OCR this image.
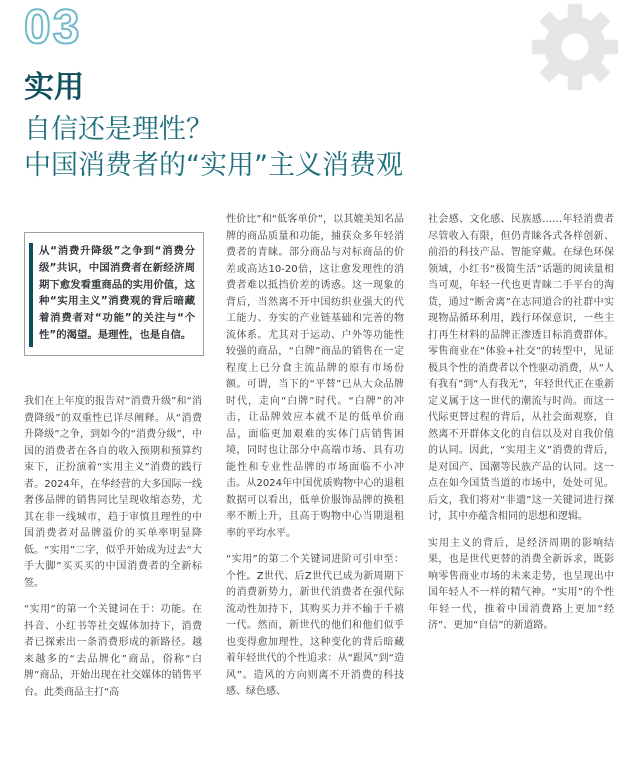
03
实用
自信还是理性？
中国消费者的“实用”主义消费观
从“消费升降级”之争到“消费分级”共识，中国消费者在新经济周期下愈发看重商品的实用价值，这种“实用主义”消费观的背后暗藏着消费者对“功能”的关注与“个性”的渴望。是理性，也是自信。

我们在上年度的报告对“消费升级”和“消费降级”的双重性已详尽阐释。从“消费升降级”之争，到如今的“消费分级”，中国的消费者在各自的收入预期和预算约束下，正扮演着“实用主义”消费的践行者。2024年，在华经营的大多国际一线奢侈品牌的销售同比呈现收缩态势，尤其在非一线城市，趋于审慎且理性的中国消费者对品牌溢价的买单率明显降低。“实用”二字，似乎开始成为过去“大手大脚”买买买的中国消费者的全新标签。

“实用”的第一个关键词在于：功能。在抖音、小红书等社交媒体加持下，消费者已探索出一条消费形成的新路径。越来越多的“去品牌化”商品，俗称“白牌”商品，开始出现在社交媒体的销售平台。此类商品主打“高

性价比”和“低客单价”，以其媲美知名品牌的商品质量和功能，捕获众多年轻消费者的青睐。部分商品与对标商品的价差或高达10-20倍，这让愈发理性的消费者难以抵挡价差的诱惑。这一现象的背后，当然离不开中国纺织业强大的代工能力、夯实的产业链基础和完善的物流体系。尤其对于运动、户外等功能性较强的商品，“白牌”商品的销售在一定程度上已分食主流品牌的原有市场份额。可谓，当下的“平替”已从大众品牌时代，走向“白牌”时代。“白牌”的冲击，让品牌效应本就不足的低单价商品，面临更加艰难的实体门店销售困境，同时也让部分中高端市场、具有功能性和专业性品牌的市场面临不小冲击。从2024年中国优质购物中心的退租数据可以看出，低单价服饰品牌的换租率不断上升，且高于购物中心当期退租率的平均水平。

“实用”的第二个关键词进阶可引申至：个性。Z世代、后Z世代已成为新周期下的消费新势力，新世代消费者在强代际流动性加持下，其购买力并不输于千禧一代。然而，新世代的他们和他们似乎也变得愈加理性，这种变化的背后暗藏着年轻世代的个性追求：从“跟风”到“造风”。造风的方向则离不开消费的科技感、绿色感、

社会感、文化感、民族感……年轻消费者尽管收入有限，但仍青睐各式各样创新、前沿的科技产品、智能穿戴。在绿色环保领域，小红书“极简生活”话题的阅读量相当可观，年轻一代也更青睐二手平台的淘货，通过“断舍离”在志同道合的社群中实现物品循环利用，践行环保意识，一些主打再生材料的品牌正渗透目标消费群体。零售商业在“体验+社交”的转型中，见证极具个性的消费者以个性驱动消费，从“人有我有”到“人有我无”，年轻世代正在重新定义属于这一世代的潮流与时尚。而这一代际更替过程的背后，从社会面观察，自然离不开群体文化的自信以及对自我价值的认同。因此，“实用主义”消费的背后，是对国产、国潮等民族产品的认同。这一点在如今国货当道的市场中，处处可见。后文，我们将对“非遗”这一关键词进行探讨，其中亦蕴含相同的思想和逻辑。

实用主义的背后，是经济周期的影响结果，也是世代更替的消费全新诉求，既影响零售商业市场的未来走势，也呈现出中国年轻人不一样的精气神。“实用”的个性年轻一代，推着中国消费路上更加“经济”、更加“自信”的新道路。
